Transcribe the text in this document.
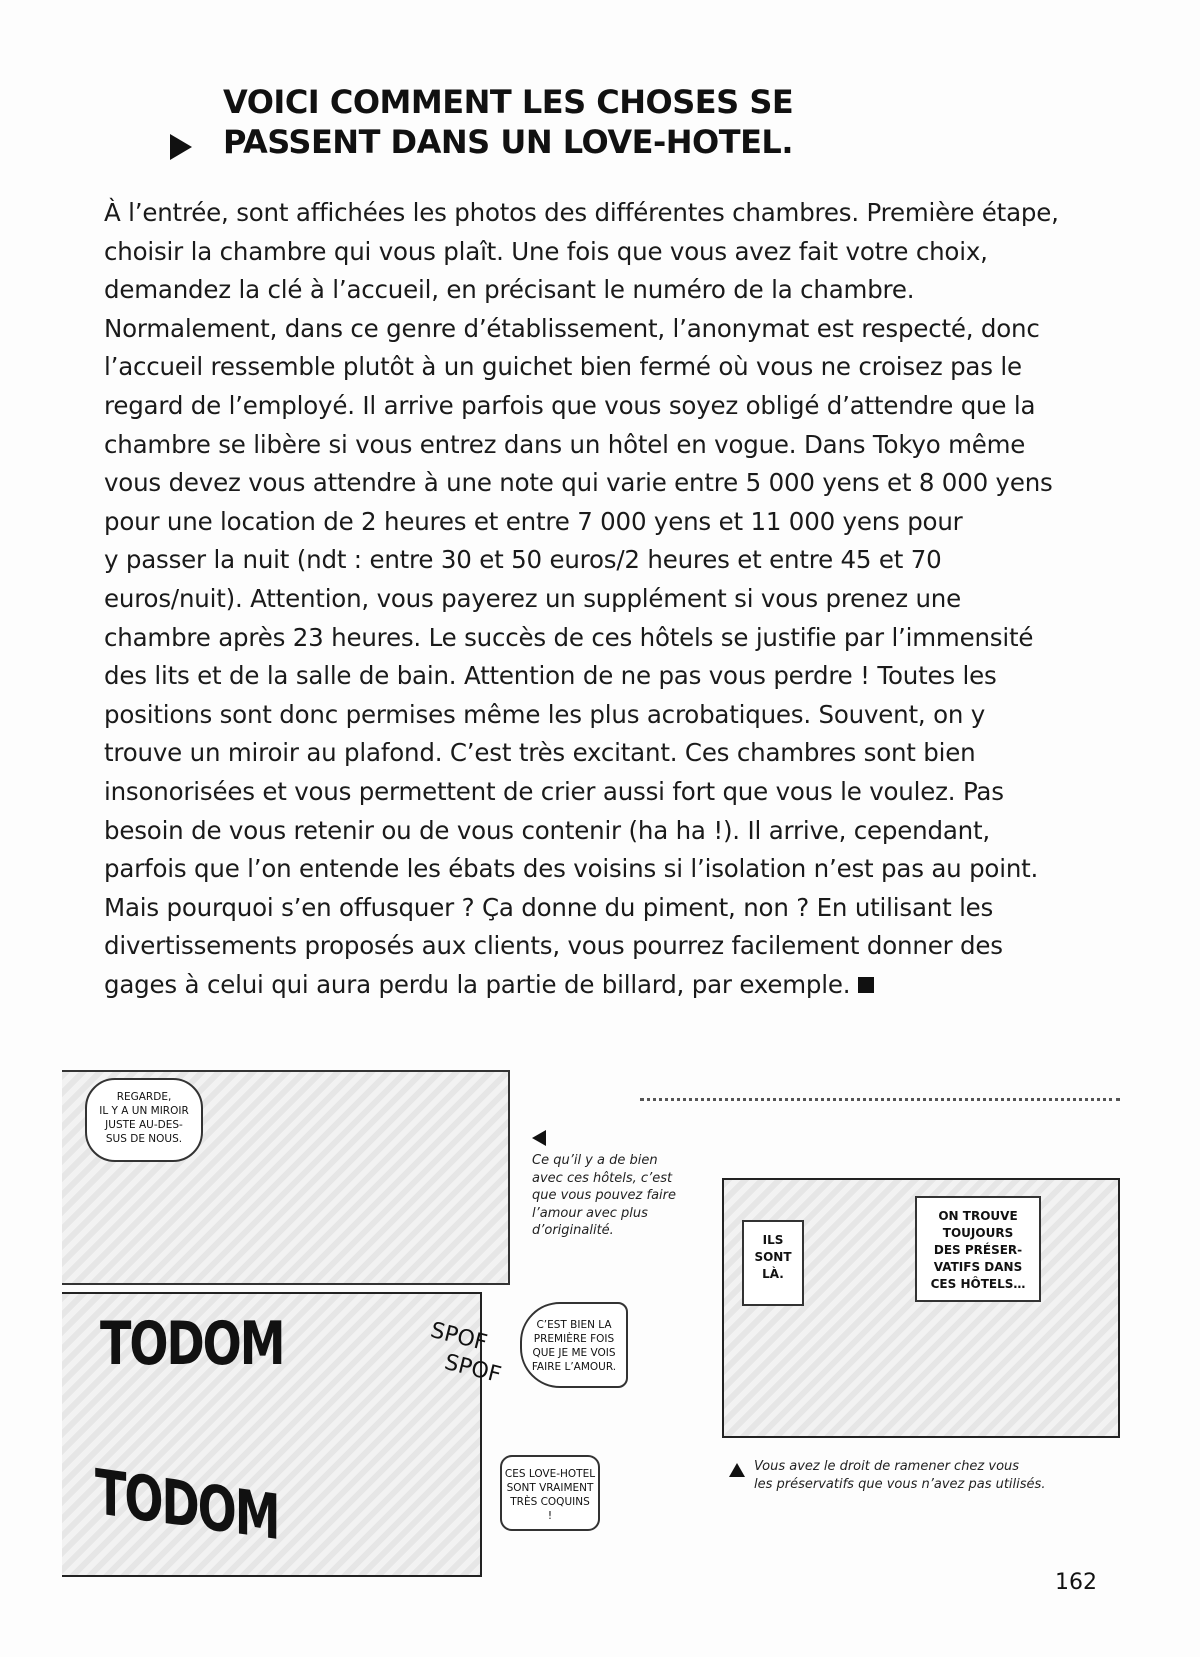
VOICI COMMENT LES CHOSES SE
PASSENT DANS UN LOVE-HOTEL.
À l’entrée, sont affichées les photos des différentes chambres. Première étape,
choisir la chambre qui vous plaît. Une fois que vous avez fait votre choix,
demandez la clé à l’accueil, en précisant le numéro de la chambre.
Normalement, dans ce genre d’établissement, l’anonymat est respecté, donc
l’accueil ressemble plutôt à un guichet bien fermé où vous ne croisez pas le
regard de l’employé. Il arrive parfois que vous soyez obligé d’attendre que la
chambre se libère si vous entrez dans un hôtel en vogue. Dans Tokyo même
vous devez vous attendre à une note qui varie entre 5 000 yens et 8 000 yens
pour une location de 2 heures et entre 7 000 yens et 11 000 yens pour
y passer la nuit (ndt : entre 30 et 50 euros/2 heures et entre 45 et 70
euros/nuit). Attention, vous payerez un supplément si vous prenez une
chambre après 23 heures. Le succès de ces hôtels se justifie par l’immensité
des lits et de la salle de bain. Attention de ne pas vous perdre ! Toutes les
positions sont donc permises même les plus acrobatiques. Souvent, on y
trouve un miroir au plafond. C’est très excitant. Ces chambres sont bien
insonorisées et vous permettent de crier aussi fort que vous le voulez. Pas
besoin de vous retenir ou de vous contenir (ha ha !). Il arrive, cependant,
parfois que l’on entende les ébats des voisins si l’isolation n’est pas au point.
Mais pourquoi s’en offusquer ? Ça donne du piment, non ? En utilisant les
divertissements proposés aux clients, vous pourrez facilement donner des
gages à celui qui aura perdu la partie de billard, par exemple.
REGARDE,
IL Y A UN MIROIR
JUSTE AU-DES-
SUS DE NOUS.
Ce qu’il y a de bien
avec ces hôtels, c’est
que vous pouvez faire
l’amour avec plus
d’originalité.
TODOM
TODOM
SPOF
SPOF
C’EST BIEN LA
PREMIÈRE FOIS
QUE JE ME VOIS
FAIRE L’AMOUR.
CES LOVE-HOTEL
SONT VRAIMENT
TRÈS COQUINS
!
ILS
SONT
LÀ.
ON TROUVE
TOUJOURS
DES PRÉSER-
VATIFS DANS
CES HÔTELS…
Vous avez le droit de ramener chez vous
les préservatifs que vous n’avez pas utilisés.
162
